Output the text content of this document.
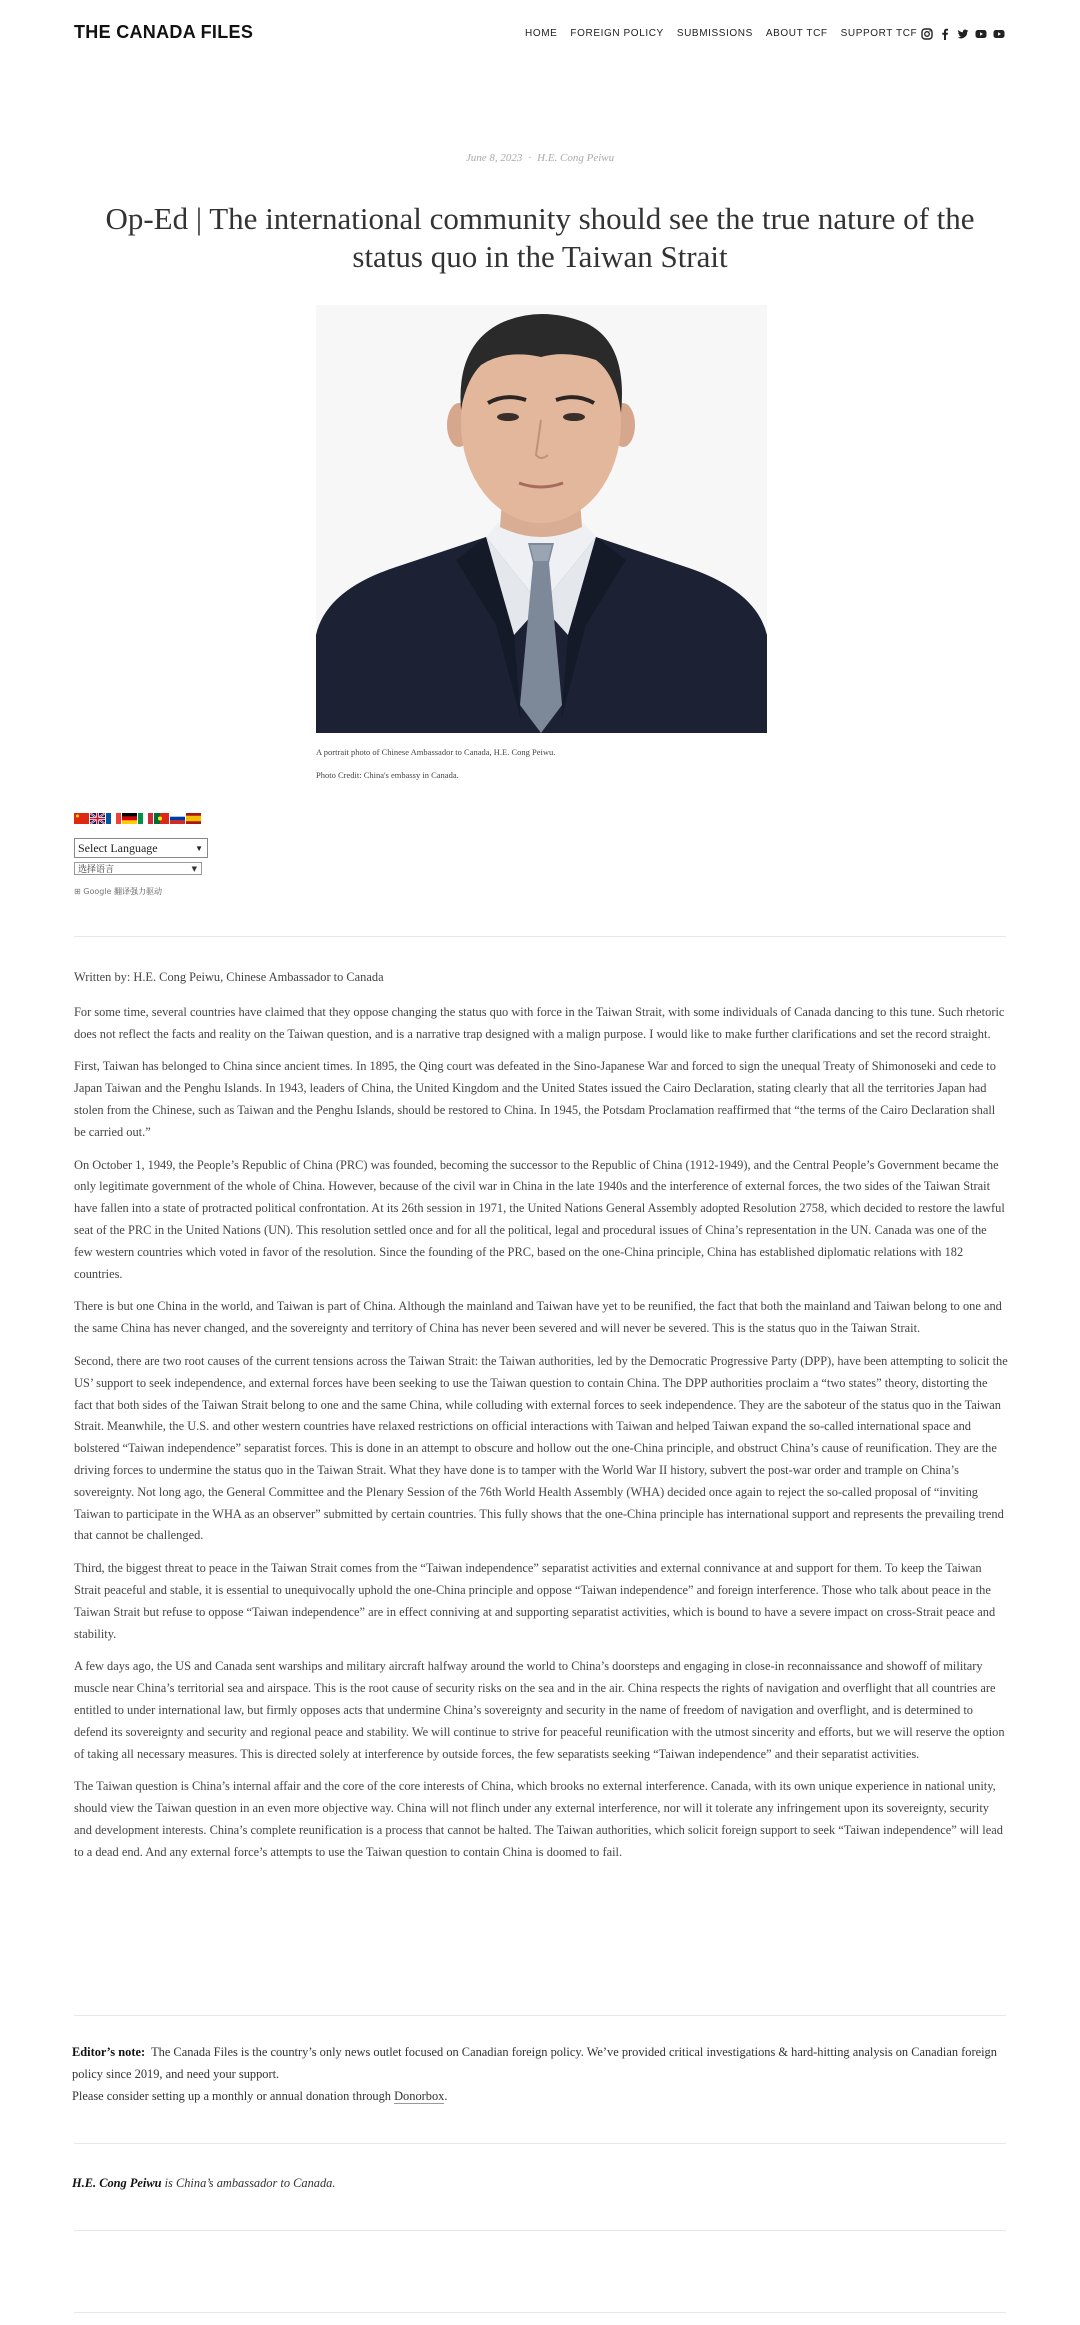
THE CANADA FILES	HOME FOREIGN POLICY SUBMISSIONS ABOUT TCF SUPPORT TCF
June 8, 2023 · H.E. Cong Peiwu
Op-Ed | The international community should see the true nature of the status quo in the Taiwan Strait

A portrait photo of Chinese Ambassador to Canada, H.E. Cong Peiwu.

Photo Credit: China's embassy in Canada.

Select Language	▼
选择语言	▼
⊞ Google 翻译强力驱动

Written by: H.E. Cong Peiwu, Chinese Ambassador to Canada

For some time, several countries have claimed that they oppose changing the status quo with force in the Taiwan Strait, with some individuals of Canada dancing to this tune. Such rhetoric does not reflect the facts and reality on the Taiwan question, and is a narrative trap designed with a malign purpose. I would like to make further clarifications and set the record straight.

First, Taiwan has belonged to China since ancient times. In 1895, the Qing court was defeated in the Sino-Japanese War and forced to sign the unequal Treaty of Shimonoseki and cede to Japan Taiwan and the Penghu Islands. In 1943, leaders of China, the United Kingdom and the United States issued the Cairo Declaration, stating clearly that all the territories Japan had stolen from the Chinese, such as Taiwan and the Penghu Islands, should be restored to China. In 1945, the Potsdam Proclamation reaffirmed that “the terms of the Cairo Declaration shall be carried out.”

On October 1, 1949, the People’s Republic of China (PRC) was founded, becoming the successor to the Republic of China (1912-1949), and the Central People’s Government became the only legitimate government of the whole of China. However, because of the civil war in China in the late 1940s and the interference of external forces, the two sides of the Taiwan Strait have fallen into a state of protracted political confrontation. At its 26th session in 1971, the United Nations General Assembly adopted Resolution 2758, which decided to restore the lawful seat of the PRC in the United Nations (UN). This resolution settled once and for all the political, legal and procedural issues of China’s representation in the UN. Canada was one of the few western countries which voted in favor of the resolution. Since the founding of the PRC, based on the one-China principle, China has established diplomatic relations with 182 countries.

There is but one China in the world, and Taiwan is part of China. Although the mainland and Taiwan have yet to be reunified, the fact that both the mainland and Taiwan belong to one and the same China has never changed, and the sovereignty and territory of China has never been severed and will never be severed. This is the status quo in the Taiwan Strait.

Second, there are two root causes of the current tensions across the Taiwan Strait: the Taiwan authorities, led by the Democratic Progressive Party (DPP), have been attempting to solicit the US’ support to seek independence, and external forces have been seeking to use the Taiwan question to contain China. The DPP authorities proclaim a “two states” theory, distorting the fact that both sides of the Taiwan Strait belong to one and the same China, while colluding with external forces to seek independence. They are the saboteur of the status quo in the Taiwan Strait. Meanwhile, the U.S. and other western countries have relaxed restrictions on official interactions with Taiwan and helped Taiwan expand the so-called international space and bolstered “Taiwan independence” separatist forces. This is done in an attempt to obscure and hollow out the one-China principle, and obstruct China’s cause of reunification. They are the driving forces to undermine the status quo in the Taiwan Strait. What they have done is to tamper with the World War II history, subvert the post-war order and trample on China’s sovereignty. Not long ago, the General Committee and the Plenary Session of the 76th World Health Assembly (WHA) decided once again to reject the so-called proposal of “inviting Taiwan to participate in the WHA as an observer” submitted by certain countries. This fully shows that the one-China principle has international support and represents the prevailing trend that cannot be challenged.

Third, the biggest threat to peace in the Taiwan Strait comes from the “Taiwan independence” separatist activities and external connivance at and support for them. To keep the Taiwan Strait peaceful and stable, it is essential to unequivocally uphold the one-China principle and oppose “Taiwan independence” and foreign interference. Those who talk about peace in the Taiwan Strait but refuse to oppose “Taiwan independence” are in effect conniving at and supporting separatist activities, which is bound to have a severe impact on cross-Strait peace and stability.

A few days ago, the US and Canada sent warships and military aircraft halfway around the world to China’s doorsteps and engaging in close-in reconnaissance and showoff of military muscle near China’s territorial sea and airspace. This is the root cause of security risks on the sea and in the air. China respects the rights of navigation and overflight that all countries are entitled to under international law, but firmly opposes acts that undermine China’s sovereignty and security in the name of freedom of navigation and overflight, and is determined to defend its sovereignty and security and regional peace and stability. We will continue to strive for peaceful reunification with the utmost sincerity and efforts, but we will reserve the option of taking all necessary measures. This is directed solely at interference by outside forces, the few separatists seeking “Taiwan independence” and their separatist activities.

The Taiwan question is China’s internal affair and the core of the core interests of China, which brooks no external interference. Canada, with its own unique experience in national unity, should view the Taiwan question in an even more objective way. China will not flinch under any external interference, nor will it tolerate any infringement upon its sovereignty, security and development interests. China’s complete reunification is a process that cannot be halted. The Taiwan authorities, which solicit foreign support to seek “Taiwan independence” will lead to a dead end. And any external force’s attempts to use the Taiwan question to contain China is doomed to fail.

Editor’s note: The Canada Files is the country’s only news outlet focused on Canadian foreign policy. We’ve provided critical investigations & hard-hitting analysis on Canadian foreign policy since 2019, and need your support.
Please consider setting up a monthly or annual donation through Donorbox.
H.E. Cong Peiwu is China’s ambassador to Canada.
